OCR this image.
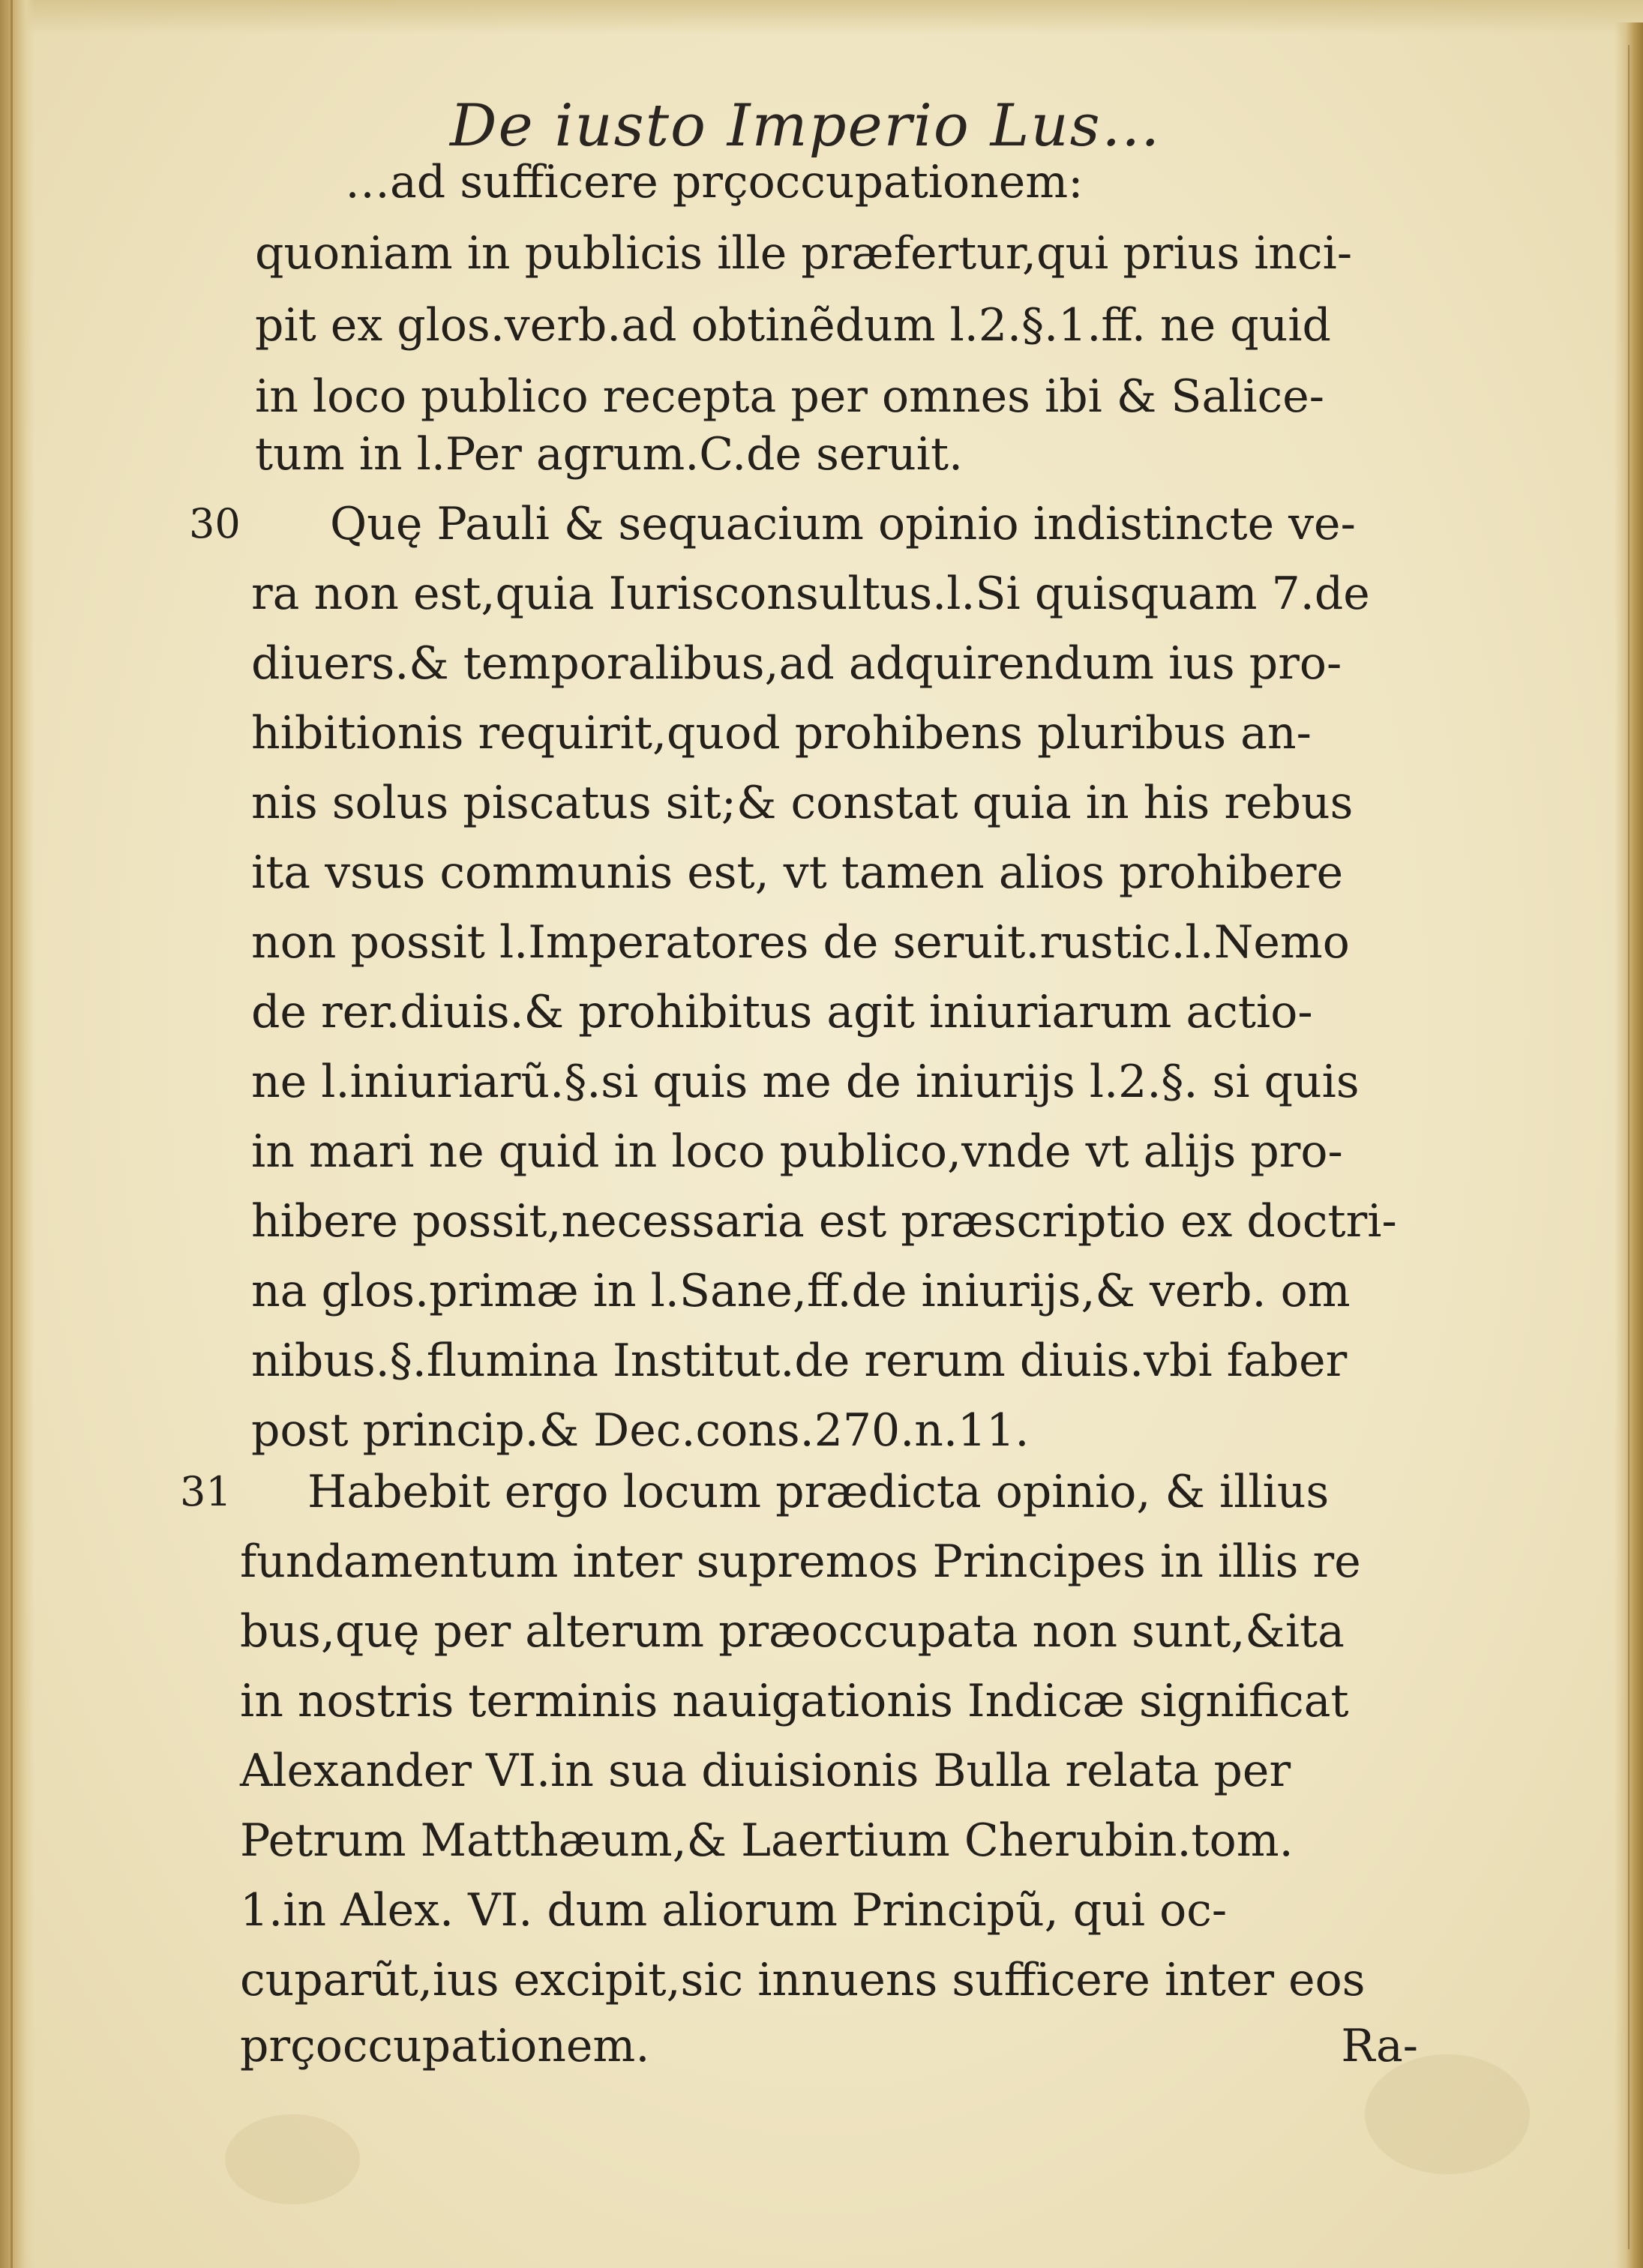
De iusto Imperio Lus…
…ad sufficere prçoccupationem:
quoniam in publicis ille præfertur,qui prius inci-
pit ex glos.verb.ad obtinẽdum l.2.§.1.ff. ne quid
in loco publico recepta per omnes ibi & Salice-
tum in l.Per agrum.C.de seruit.
30 Quę Pauli & sequacium opinio indistincte ve-
ra non est,quia Iurisconsultus.l.Si quisquam 7.de
diuers.& temporalibus,ad adquirendum ius pro-
hibitionis requirit,quod prohibens pluribus an-
nis solus piscatus sit;& constat quia in his rebus
ita vsus communis est, vt tamen alios prohibere
non possit l.Imperatores de seruit.rustic.l.Nemo
de rer.diuis.& prohibitus agit iniuriarum actio-
ne l.iniuriarũ.§.si quis me de iniurijs l.2.§. si quis
in mari ne quid in loco publico,vnde vt alijs pro-
hibere possit,necessaria est præscriptio ex doctri-
na glos.primæ in l.Sane,ff.de iniurijs,& verb. om
nibus.§.flumina Institut.de rerum diuis.vbi faber
post princip.& Dec.cons.270.n.11.
31 Habebit ergo locum prædicta opinio, & illius
fundamentum inter supremos Principes in illis re
bus,quę per alterum præoccupata non sunt,&ita
in nostris terminis nauigationis Indicæ significat
Alexander VI.in sua diuisionis Bulla relata per
Petrum Matthæum,& Laertium Cherubin.tom.
1.in Alex. VI. dum aliorum Principũ, qui oc-
cuparũt,ius excipit,sic innuens sufficere inter eos
prçoccupationem.	Ra-
